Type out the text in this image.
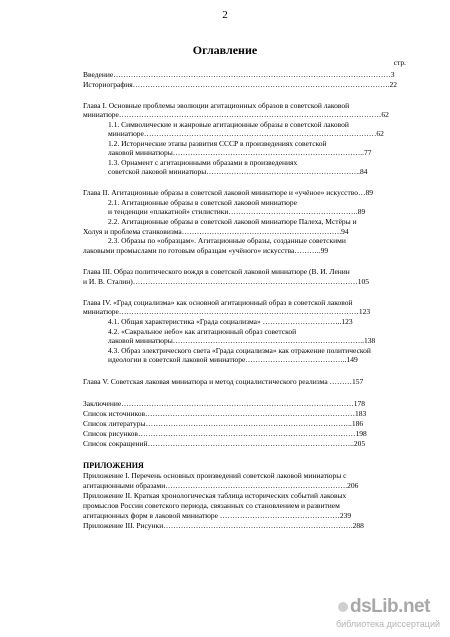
2
Оглавление
стр.
Введение…………………………………………………………………………………………………3
Историография………………………………………………………………………………………….22
Глава I. Основные проблемы эволюции агитационных образов в советской лаковой
миниатюре……………………………………………………………………………………………62
1.1. Символические и жанровые агитационные образы в советской лаковой
миниатюре…………………………………………………………………………………62
1.2. Исторические этапы развития СССР в произведениях советской
лаковой миниатюры…………………………………………………………………..77
1.3. Орнамент с агитационными образами в произведениях
советской лаковой миниатюры……………………………………………………..84
Глава II. Агитационные образы в советской лаковой миниатюре и «учёное» искусство…89
2.1. Агитационные образы в советской лаковой миниатюре
и тенденции «плакатной» стилистики…………………………………………….89
2.2. Агитационные образы в советской лаковой миниатюре Палеха, Мстёры и
Холуя и проблема станковизма……………………………………………………….94
2.3. Образы по «образцам». Агитационные образы, созданные советскими
лаковыми промыслами по готовым образцам «учёного» искусства………..99
Глава III. Образ политического вождя в советской лаковой миниатюре (В. И. Ленин
и И. В. Сталин)………………………………………………………………………………105
Глава IV. «Град социализма» как основной агитационный образ в советской лаковой
миниатюре……………………………………………………………………………………123
4.1. Общая характеристика «Града социализма» …………………………..123
4.2. «Сакральное небо» как агитационный образ советской
лаковой миниатюры…………………………………………………………………..138
4.3. Образ электрического света «Града социализма» как отражение политической
идеологии в советской лаковой миниатюре…………………………………..149
Глава V. Советская лаковая миниатюра и метод социалистического реализма ………157
Заключение…………………………………………………………………………………178
Список источников…………………………………………………………………………183
Список литературы………………………………………………………………………..186
Список рисунков……………………………………………………………………………198
Список сокращений………………………………………………………………………..205
ПРИЛОЖЕНИЯ
Приложение I. Перечень основных произведений советской лаковой миниатюры с
агитационными образами……………………………………………………………….206
Приложение II. Краткая хронологическая таблица исторических событий лаковых
промыслов России советского периода, связанных со становлением и развитием
агитационных форм в лаковой миниатюре …………………………………………239
Приложение III. Рисунки………………………………………………………………….288
dsLib.net
библиотека диссертаций
